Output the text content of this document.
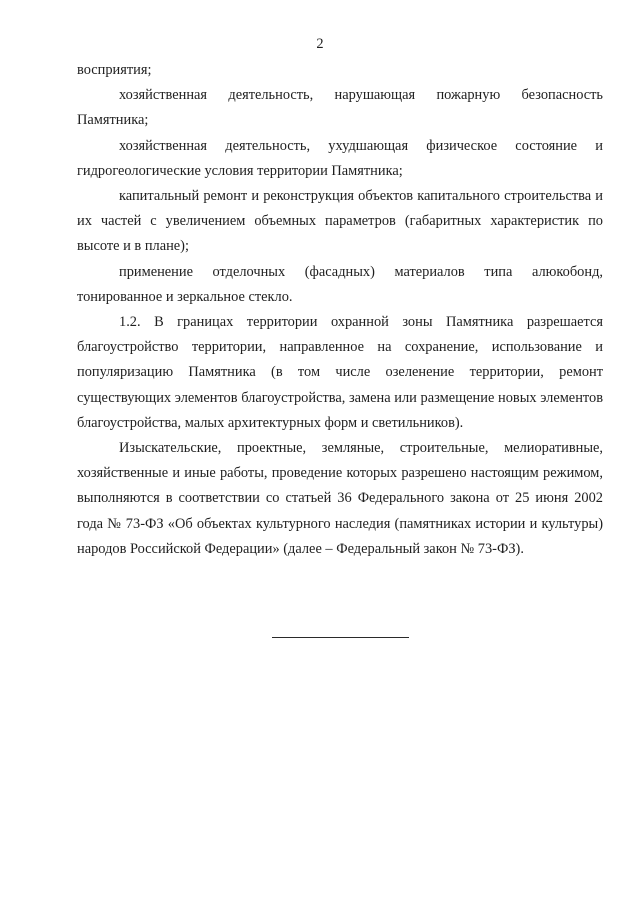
2

восприятия;

хозяйственная деятельность, нарушающая пожарную безопасность Памятника;

хозяйственная деятельность, ухудшающая физическое состояние и гидрогеологические условия территории Памятника;

капитальный ремонт и реконструкция объектов капитального строительства и их частей с увеличением объемных параметров (габаритных характеристик по высоте и в плане);

применение отделочных (фасадных) материалов типа алюкобонд, тонированное и зеркальное стекло.

1.2. В границах территории охранной зоны Памятника разрешается благоустройство территории, направленное на сохранение, использование и популяризацию Памятника (в том числе озеленение территории, ремонт существующих элементов благоустройства, замена или размещение новых элементов благоустройства, малых архитектурных форм и светильников).

Изыскательские, проектные, земляные, строительные, мелиоративные, хозяйственные и иные работы, проведение которых разрешено настоящим режимом, выполняются в соответствии со статьей 36 Федерального закона от 25 июня 2002 года № 73-ФЗ «Об объектах культурного наследия (памятниках истории и культуры) народов Российской Федерации» (далее – Федеральный закон № 73-ФЗ).
